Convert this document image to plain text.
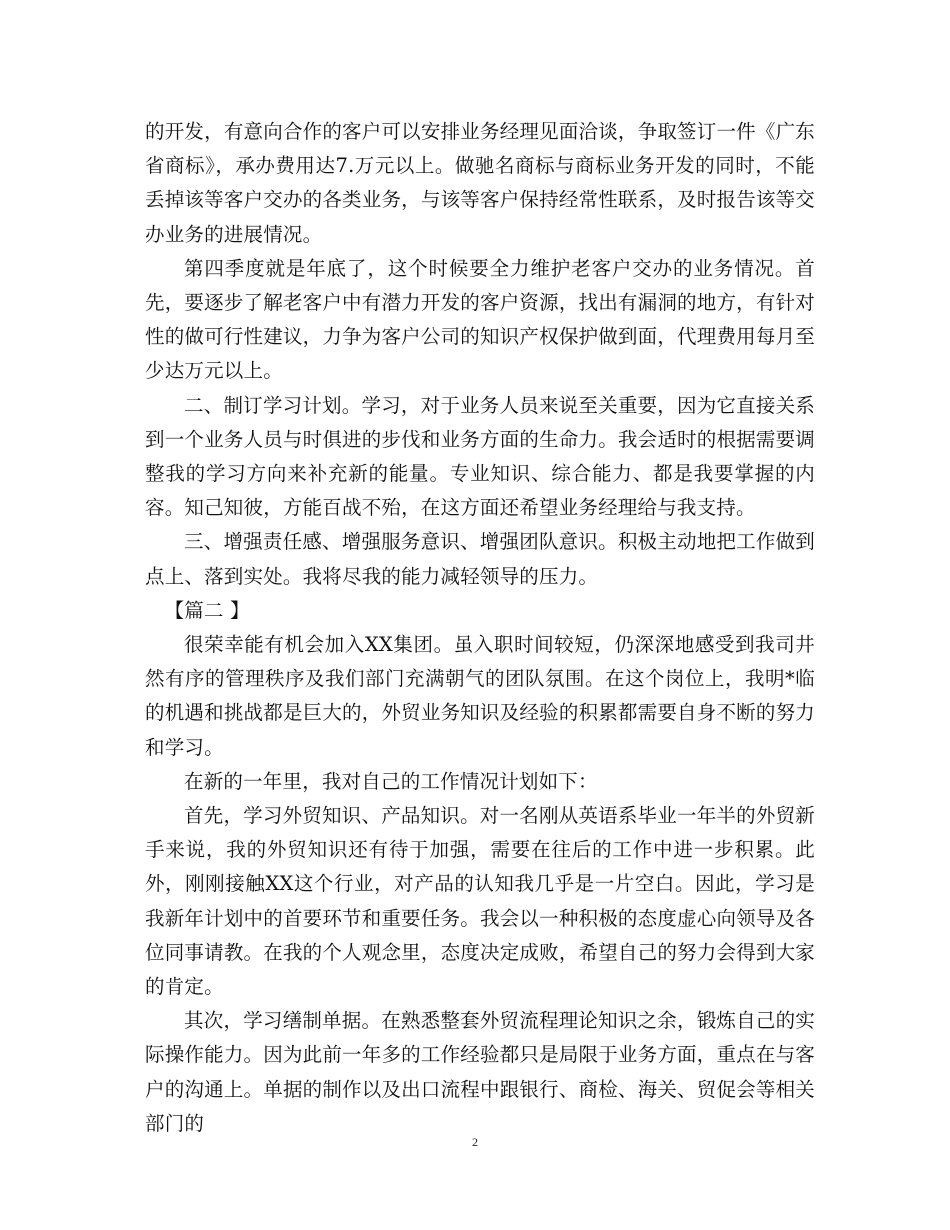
的开发，有意向合作的客户可以安排业务经理见面洽谈，争取签订一件《广东省商标》，承办费用达7.万元以上。做驰名商标与商标业务开发的同时，不能丢掉该等客户交办的各类业务，与该等客户保持经常性联系，及时报告该等交办业务的进展情况。

第四季度就是年底了，这个时候要全力维护老客户交办的业务情况。首先，要逐步了解老客户中有潜力开发的客户资源，找出有漏洞的地方，有针对性的做可行性建议，力争为客户公司的知识产权保护做到面，代理费用每月至少达万元以上。

二、制订学习计划。学习，对于业务人员来说至关重要，因为它直接关系到一个业务人员与时俱进的步伐和业务方面的生命力。我会适时的根据需要调整我的学习方向来补充新的能量。专业知识、综合能力、都是我要掌握的内容。知己知彼，方能百战不殆，在这方面还希望业务经理给与我支持。

三、增强责任感、增强服务意识、增强团队意识。积极主动地把工作做到点上、落到实处。我将尽我的能力减轻领导的压力。

【篇二 】

很荣幸能有机会加入XX集团。虽入职时间较短，仍深深地感受到我司井然有序的管理秩序及我们部门充满朝气的团队氛围。在这个岗位上，我明*临的机遇和挑战都是巨大的，外贸业务知识及经验的积累都需要自身不断的努力和学习。

在新的一年里，我对自己的工作情况计划如下：

首先，学习外贸知识、产品知识。对一名刚从英语系毕业一年半的外贸新手来说，我的外贸知识还有待于加强，需要在往后的工作中进一步积累。此外，刚刚接触XX这个行业，对产品的认知我几乎是一片空白。因此，学习是我新年计划中的首要环节和重要任务。我会以一种积极的态度虚心向领导及各位同事请教。在我的个人观念里，态度决定成败，希望自己的努力会得到大家的肯定。

其次，学习缮制单据。在熟悉整套外贸流程理论知识之余，锻炼自己的实际操作能力。因为此前一年多的工作经验都只是局限于业务方面，重点在与客户的沟通上。单据的制作以及出口流程中跟银行、商检、海关、贸促会等相关部门的

2
